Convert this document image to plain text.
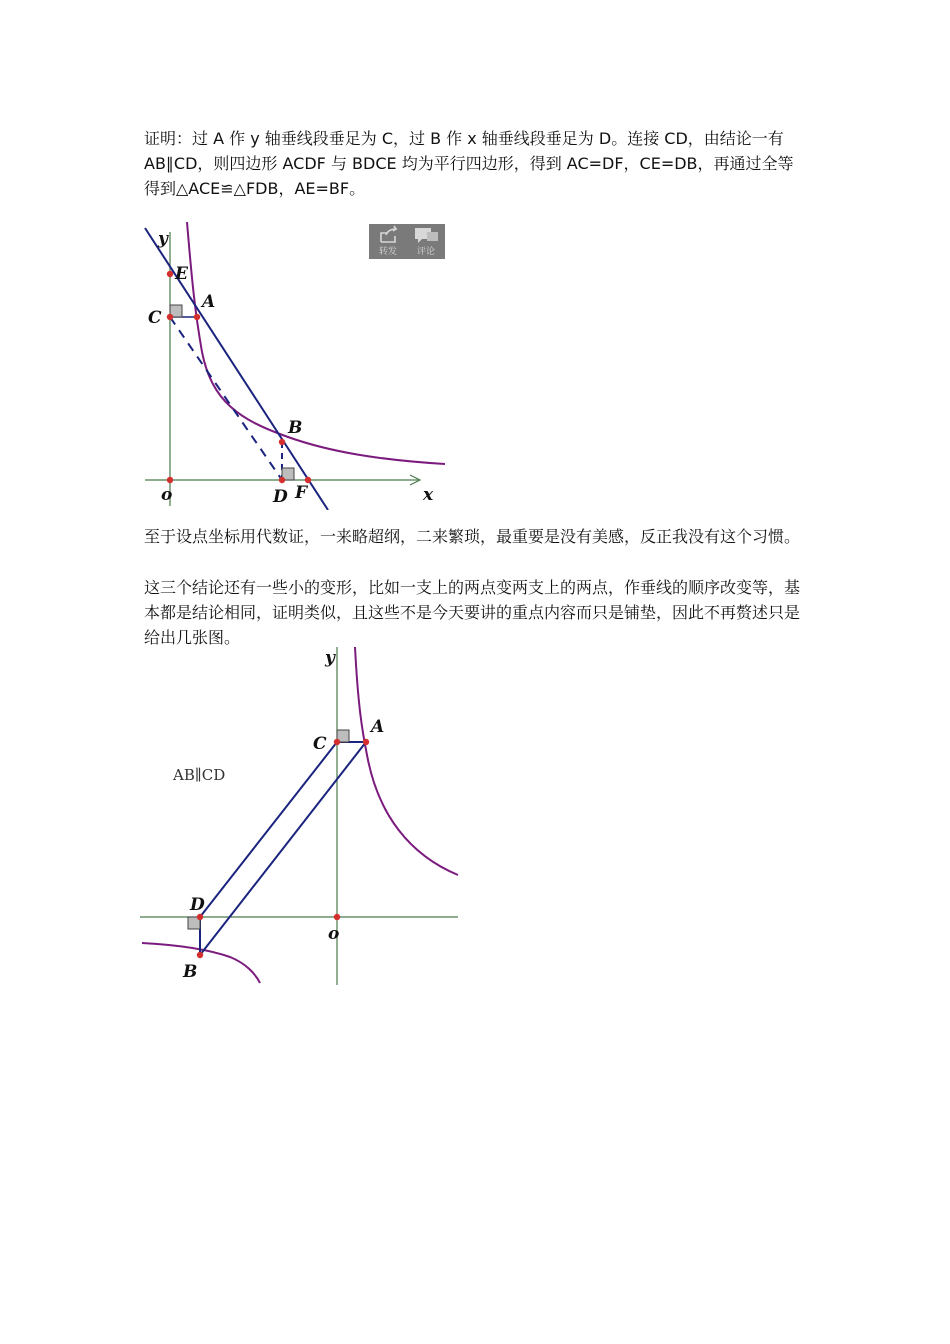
证明：过 A 作 y 轴垂线段垂足为 C，过 B 作 x 轴垂线段垂足为 D。连接 CD，由结论一有 AB∥CD，则四边形 ACDF 与 BDCE 均为平行四边形，得到 AC=DF，CE=DB，再通过全等得到△ACE≌△FDB，AE=BF。

y
x
o
E
A
C
B
D F
转发	评论

至于设点坐标用代数证，一来略超纲，二来繁琐，最重要是没有美感，反正我没有这个习惯。

这三个结论还有一些小的变形，比如一支上的两点变两支上的两点，作垂线的顺序改变等，基本都是结论相同，证明类似，且这些不是今天要讲的重点内容而只是铺垫，因此不再赘述只是给出几张图。

y
o
C
A
D
B
AB∥CD
